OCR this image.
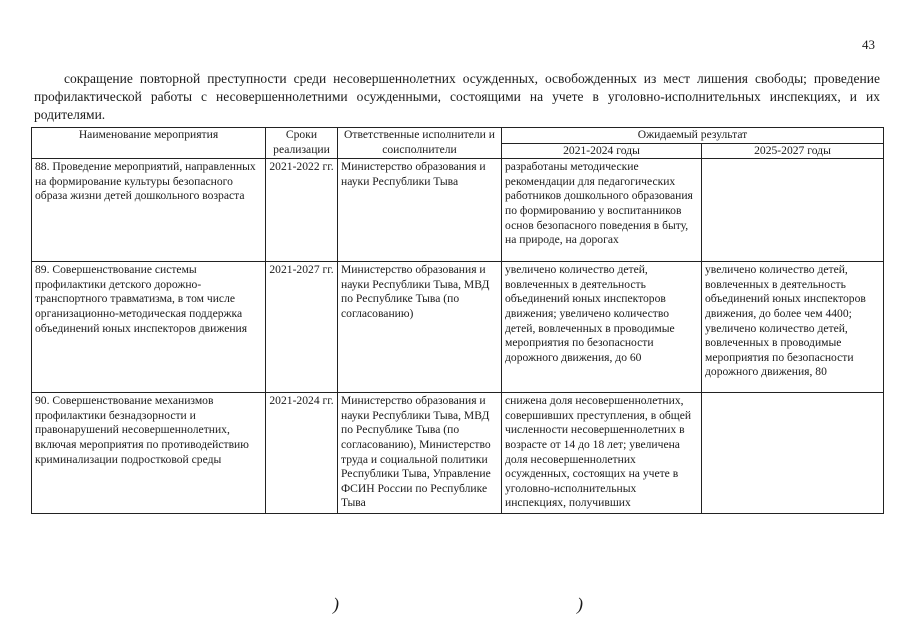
43

сокращение повторной преступности среди несовершеннолетних осужденных, освобожденных из мест лишения свободы; проведение профилактической работы с несовершеннолетними осужденными, состоящими на учете в уголовно-исполнительных инспекциях, и их родителями.

Наименование мероприятия	Сроки реализации	Ответственные исполнители и соисполнители	Ожидаемый результат	
			2021-2024 годы	2025-2027 годы
88. Проведение мероприятий, направленных на формирование культуры безопасного образа жизни детей дошкольного возраста	2021-2022 гг.	Министерство образования и науки Республики Тыва	разработаны методические рекомендации для педагогических работников дошкольного образования по формированию у воспитанников основ безопасного поведения в быту, на природе, на дорогах	
89. Совершенствование системы профилактики детского дорожно-транспортного травматизма, в том числе организационно-методическая поддержка объединений юных инспекторов движения	2021-2027 гг.	Министерство образования и науки Республики Тыва, МВД по Республике Тыва (по согласованию)	увеличено количество детей, вовлеченных в деятельность объединений юных инспекторов движения; увеличено количество детей, вовлеченных в проводимые мероприятия по безопасности дорожного движения, до 60	увеличено количество детей, вовлеченных в деятельность объединений юных инспекторов движения, до более чем 4400; увеличено количество детей, вовлеченных в проводимые мероприятия по безопасности дорожного движения, 80
90. Совершенствование механизмов профилактики безнадзорности и правонарушений несовершеннолетних, включая мероприятия по противодействию криминализации подростковой среды	2021-2024 гг.	Министерство образования и науки Республики Тыва, МВД по Республике Тыва (по согласованию), Министерство труда и социальной политики Республики Тыва, Управление ФСИН России по Республике Тыва	снижена доля несовершеннолетних, совершивших преступления, в общей численности несовершеннолетних в возрасте от 14 до 18 лет; увеличена доля несовершеннолетних осужденных, состоящих на учете в уголовно-исполнительных инспекциях, получивших	
)	)
